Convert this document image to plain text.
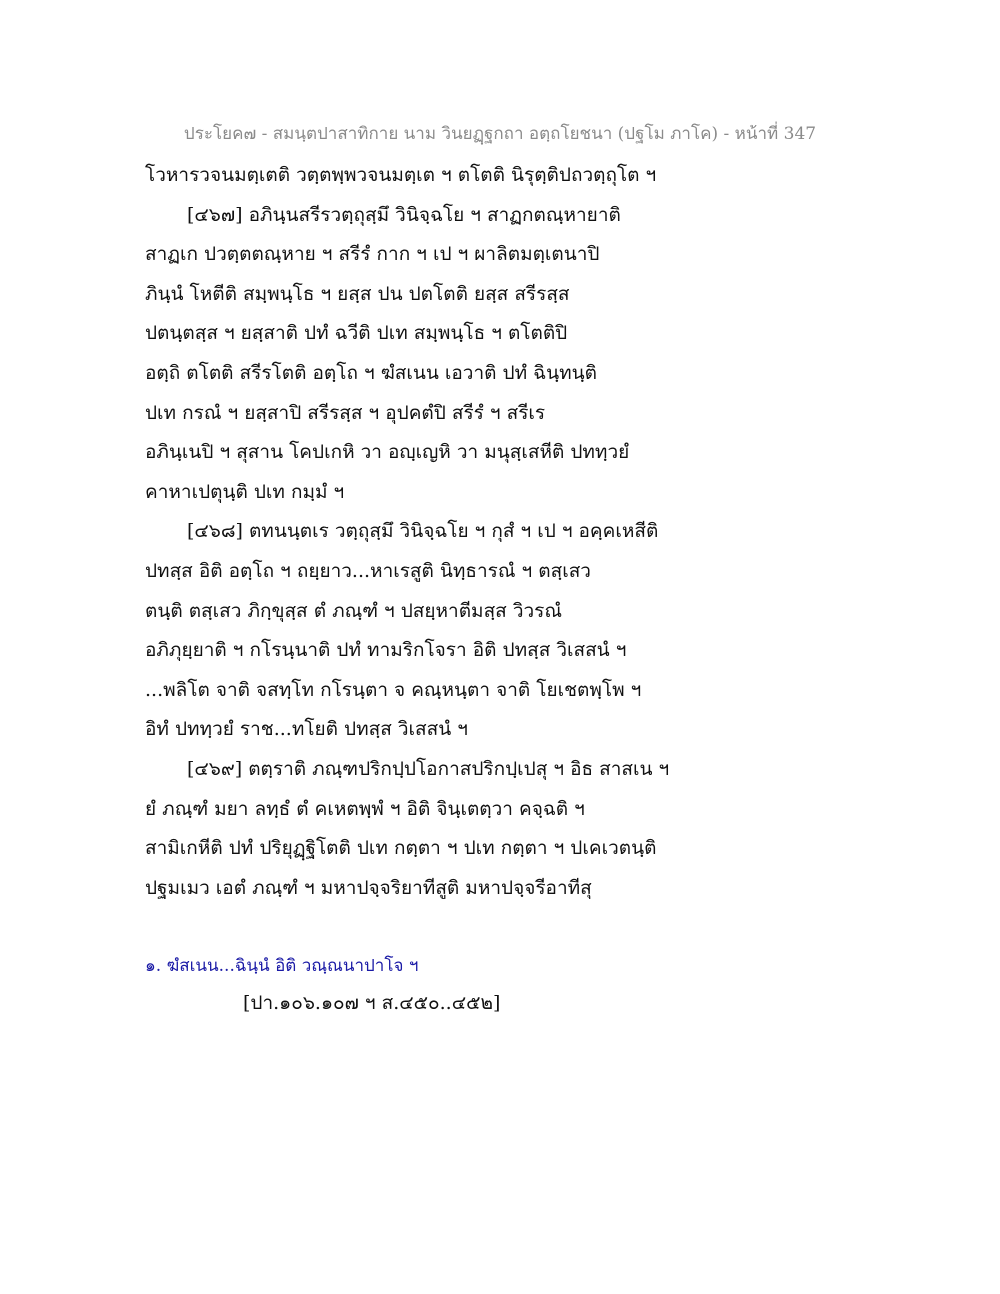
ประโยค๗ - สมนฺตปาสาทิกาย นาม วินยฏฺฐกถา อตฺถโยชนา (ปฐโม ภาโค) - หน้าที่ 347
โวหารวจนมตฺเตติ วตฺตพฺพวจนมตฺเต ฯ ตโตติ นิรุตฺติปถวตฺถุโต ฯ
[๔๖๗] อภินฺนสรีรวตฺถุสฺมึ วินิจฺฉโย ฯ สาฏกตณฺหายาติ
สาฏเก ปวตฺตตณฺหาย ฯ สรีรํ กาก ฯ เป ฯ ผาลิตมตฺเตนาปิ
ภินฺนํ โหตีติ สมฺพนฺโธ ฯ ยสฺส ปน ปตโตติ ยสฺส สรีรสฺส
ปตนฺตสฺส ฯ ยสฺสาติ ปทํ ฉวีติ ปเท สมฺพนฺโธ ฯ ตโตติปิ
อตฺถิ ตโตติ สรีรโตติ อตฺโถ ฯ ฆํสเนน เอวาติ ปทํ ฉินฺทนฺติ
ปเท กรณํ ฯ ยสฺสาปิ สรีรสฺส ฯ อุปคตํปิ สรีรํ ฯ สรีเร
อภินฺเนปิ ฯ สุสาน โคปเกหิ วา อญฺเญหิ วา มนุสฺเสหีติ ปททฺวยํ
คาหาเปตุนฺติ ปเท กมฺมํ ฯ
[๔๖๘] ตทนนฺตเร วตฺถุสฺมึ วินิจฺฉโย ฯ กุสํ ฯ เป ฯ อคฺคเหสีติ
ปทสฺส อิติ อตฺโถ ฯ ถยฺยาว...หาเรสูติ นิทฺธารณํ ฯ ตสฺเสว
ตนฺติ ตสฺเสว ภิกฺขุสฺส ตํ ภณฺฑํ ฯ ปสยฺหาตีมสฺส วิวรณํ
อภิภุยฺยาติ ฯ กโรนฺนาติ ปทํ ทามริกโจรา อิติ ปทสฺส วิเสสนํ ฯ
...พลิโต จาติ จสทฺโท กโรนฺตา จ คณฺหนฺตา จาติ โยเชตพฺโพ ฯ
อิทํ ปททฺวยํ ราช...ทโยติ ปทสฺส วิเสสนํ ฯ
[๔๖๙] ตตฺราติ ภณฺฑปริกปฺปโอกาสปริกปฺเปสุ ฯ อิธ สาสเน ฯ
ยํ ภณฺฑํ มยา ลทฺธํ ตํ คเหตพฺพํ ฯ อิติ จินฺเตตฺวา คจฺฉติ ฯ
สามิเกหีติ ปทํ ปริยุฏฺฐิโตติ ปเท กตฺตา ฯ ปเท กตฺตา ฯ ปเคเวตนฺติ
ปฐมเมว เอตํ ภณฺฑํ ฯ มหาปจฺจริยาทีสูติ มหาปจฺจรีอาทีสุ
๑. ฆํสเนน...ฉินฺนํ อิติ วณฺณนาปาโจ ฯ
[ปา.๑๐๖.๑๐๗ ฯ ส.๔๕๐..๔๕๒]
